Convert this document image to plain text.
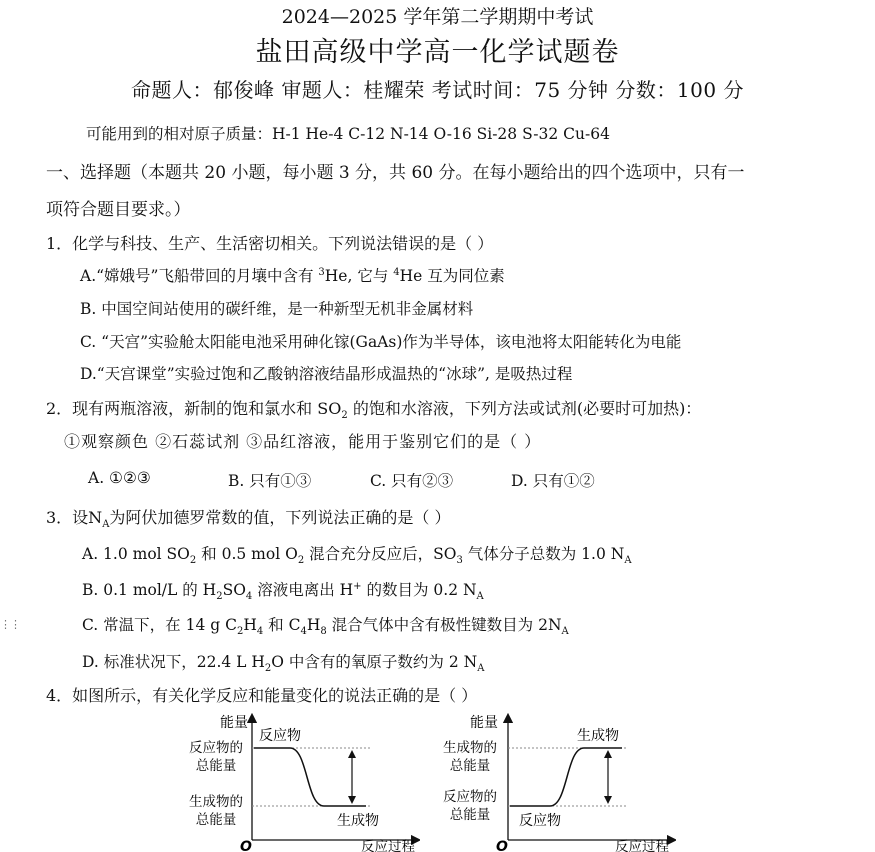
2024—2025 学年第二学期期中考试
盐田高级中学高一化学试题卷
命题人：郁俊峰 审题人：桂耀荣 考试时间：75 分钟 分数：100 分
可能用到的相对原子质量：H-1 He-4 C-12 N-14 O-16 Si-28 S-32 Cu-64
一、选择题（本题共 20 小题，每小题 3 分，共 60 分。在每小题给出的四个选项中，只有一
项符合题目要求。）
1．化学与科技、生产、生活密切相关。下列说法错误的是（ ）
A.“嫦娥号”飞船带回的月壤中含有 $^3$He, 它与 $^4$He 互为同位素
B. 中国空间站使用的碳纤维，是一种新型无机非金属材料
C. “天宫”实验舱太阳能电池采用砷化镓(GaAs)作为半导体，该电池将太阳能转化为电能
D.“天宫课堂”实验过饱和乙酸钠溶液结晶形成温热的“冰球”, 是吸热过程
2．现有两瓶溶液，新制的饱和氯水和 $SO_2$ 的饱和水溶液，下列方法或试剂(必要时可加热)：
①观察颜色 ②石蕊试剂 ③品红溶液，能用于鉴别它们的是（ ）
A. ①②③	B. 只有①③	C. 只有②③	D. 只有①②
3．设$N_A$为阿伏加德罗常数的值，下列说法正确的是（ ）
A. 1.0 mol $SO_2$ 和 0.5 mol $O_2$ 混合充分反应后，$SO_3$ 气体分子总数为 1.0 $N_A$
B. 0.1 mol/L 的 $H_2SO_4$ 溶液电离出 H+ 的数目为 0.2 $N_A$
C. 常温下，在 14 g $C_2H_4$ 和 $C_4H_8$ 混合气体中含有极性键数目为 $2N_A$
D. 标准状况下，22.4 L $H_2O$ 中含有的氧原子数约为 2 $N_A$
⋮⋮
4．如图所示，有关化学反应和能量变化的说法正确的是（ ）
能量
反应物的
总能量
生成物的
总能量
反应物
生成物
O	反应过程
能量
生成物的
总能量
反应物的
总能量 反应物
生成物
O	反应过程
